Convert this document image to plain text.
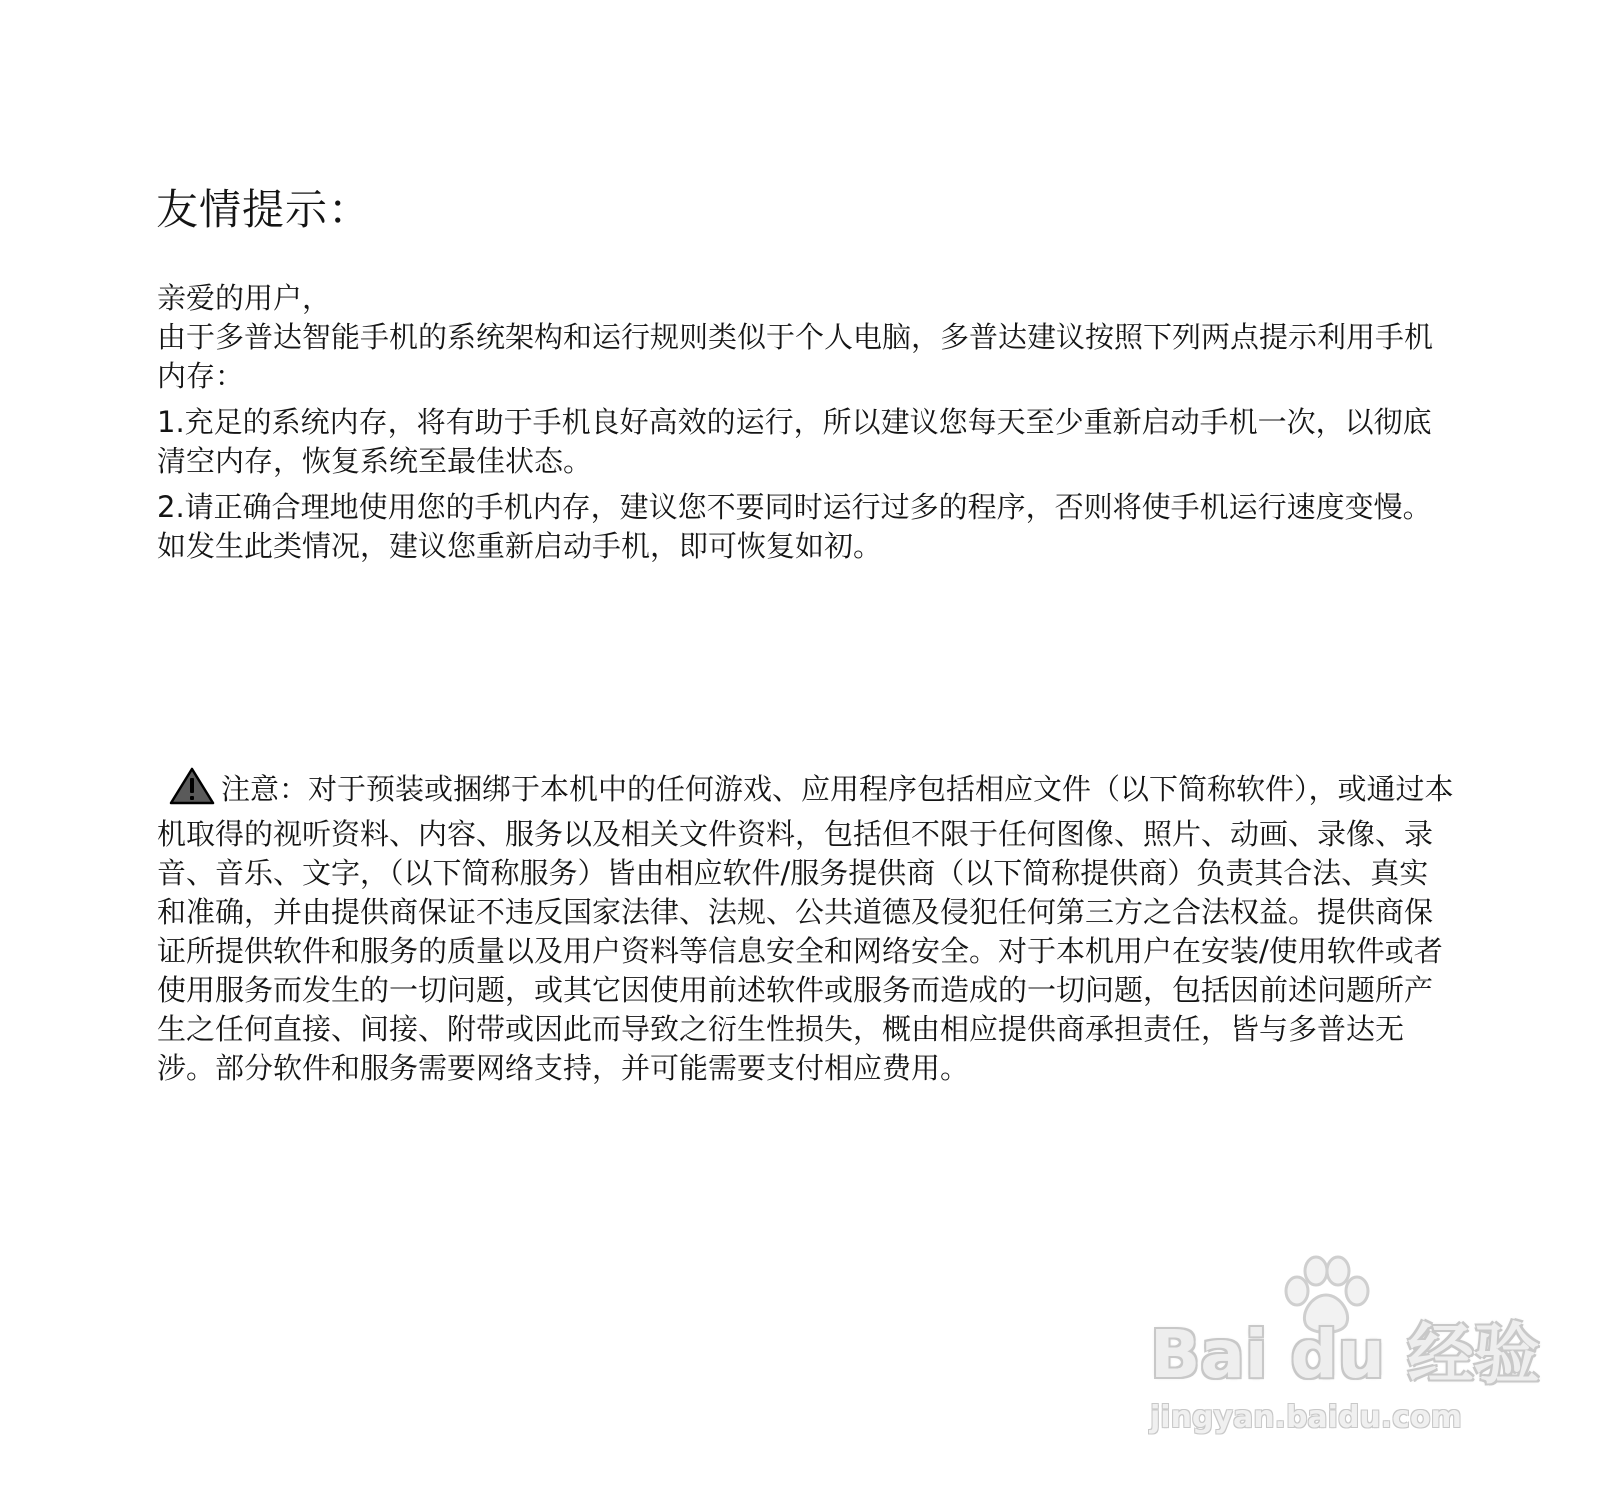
友情提示：

亲爱的用户，

由于多普达智能手机的系统架构和运行规则类似于个人电脑，多普达建议按照下列两点提示利用手机内存：

1.充足的系统内存，将有助于手机良好高效的运行，所以建议您每天至少重新启动手机一次，以彻底清空内存，恢复系统至最佳状态。

2.请正确合理地使用您的手机内存，建议您不要同时运行过多的程序，否则将使手机运行速度变慢。如发生此类情况，建议您重新启动手机，即可恢复如初。

注意：对于预装或捆绑于本机中的任何游戏、应用程序包括相应文件（以下简称软件），或通过本机取得的视听资料、内容、服务以及相关文件资料，包括但不限于任何图像、照片、动画、录像、录音、音乐、文字，（以下简称服务）皆由相应软件/服务提供商（以下简称提供商）负责其合法、真实和准确，并由提供商保证不违反国家法律、法规、公共道德及侵犯任何第三方之合法权益。提供商保证所提供软件和服务的质量以及用户资料等信息安全和网络安全。对于本机用户在安装/使用软件或者使用服务而发生的一切问题，或其它因使用前述软件或服务而造成的一切问题，包括因前述问题所产生之任何直接、间接、附带或因此而导致之衍生性损失，概由相应提供商承担责任，皆与多普达无涉。部分软件和服务需要网络支持，并可能需要支付相应费用。

Bai du 经验
jingyan.baidu.com
